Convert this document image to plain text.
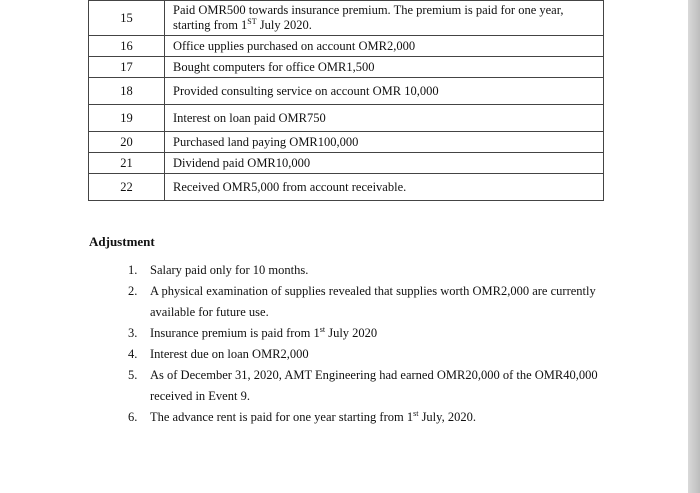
15	Paid OMR500 towards insurance premium. The premium is paid for one year,
starting from 1ST July 2020.

16	Office upplies purchased on account OMR2,000
17	Bought computers for office OMR1,500
18	Provided consulting service on account OMR 10,000
19	Interest on loan paid OMR750
20	Purchased land paying OMR100,000
21	Dividend paid OMR10,000
22	Received OMR5,000 from account receivable.
Adjustment
1. Salary paid only for 10 months.
2. A physical examination of supplies revealed that supplies worth OMR2,000 are currently
available for future use.
3. Insurance premium is paid from 1st July 2020
4. Interest due on loan OMR2,000
5. As of December 31, 2020, AMT Engineering had earned OMR20,000 of the OMR40,000
received in Event 9.
6. The advance rent is paid for one year starting from 1st July, 2020.
